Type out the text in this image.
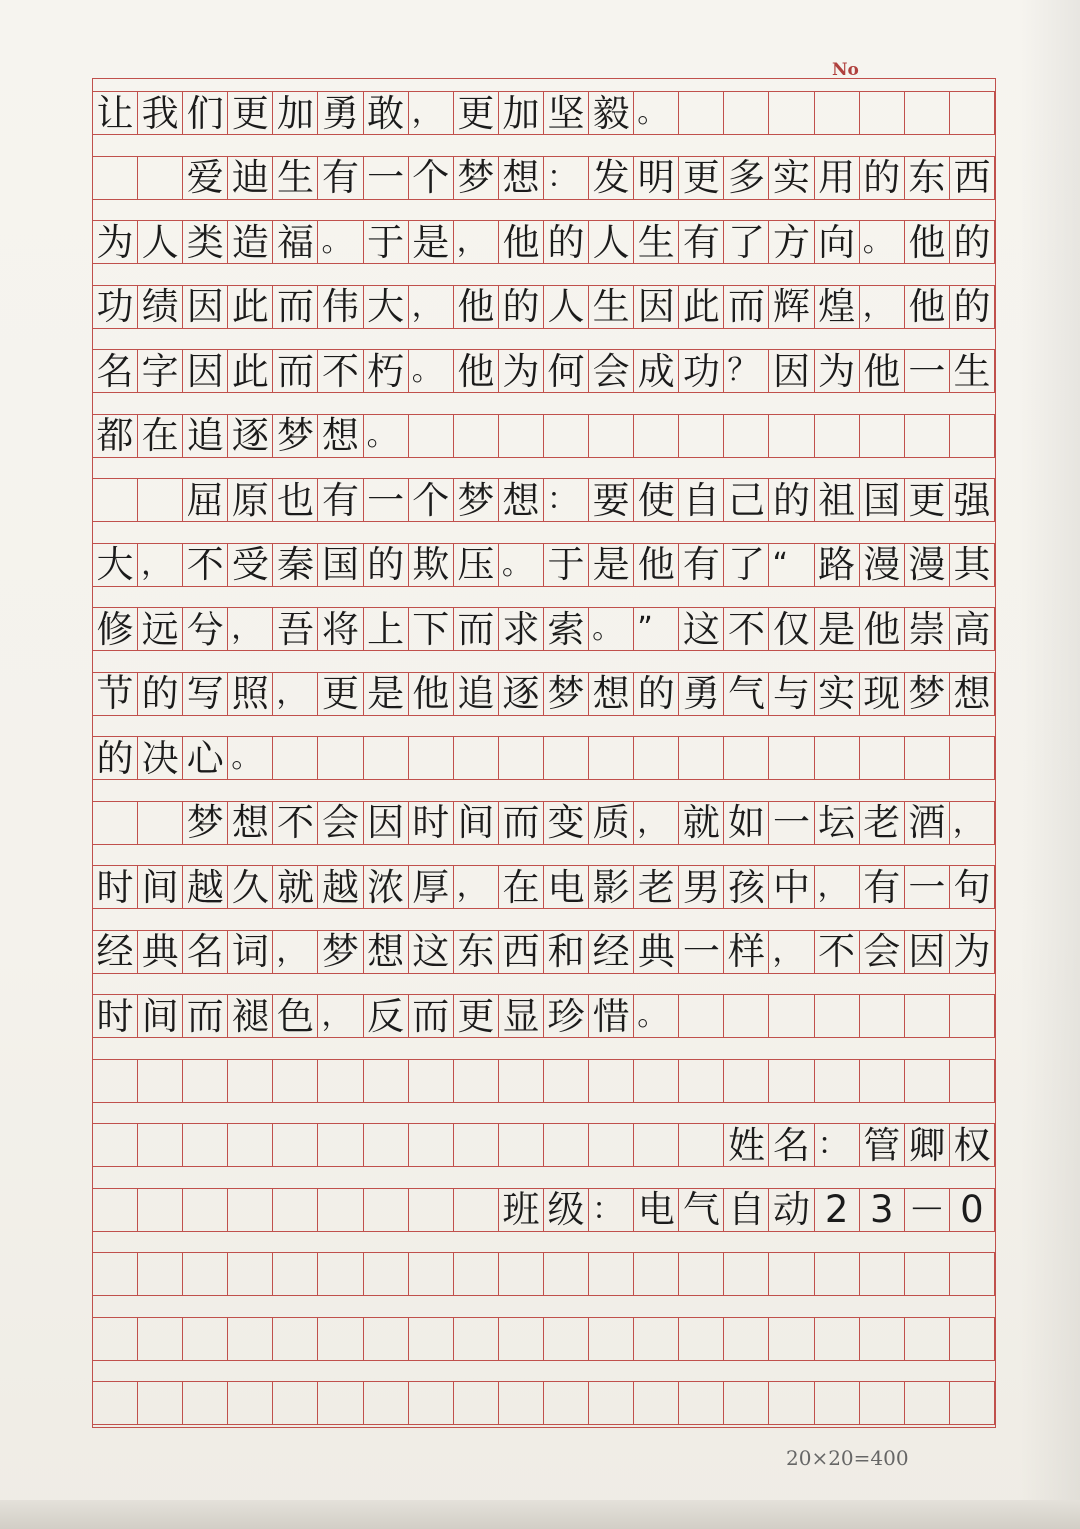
No
让 我 们 更 加 勇 敢 ， 更 加 坚 毅 。
爱 迪 生 有 一 个 梦 想 ： 发 明 更 多 实 用 的 东 西
为 人 类 造 福 。 于 是 ， 他 的 人 生 有 了 方 向 。 他 的
功 绩 因 此 而 伟 大 ， 他 的 人 生 因 此 而 辉 煌 ， 他 的
名 字 因 此 而 不 朽 。 他 为 何 会 成 功 ？ 因 为 他 一 生
都 在 追 逐 梦 想 。
屈 原 也 有 一 个 梦 想 ： 要 使 自 己 的 祖 国 更 强
大 ， 不 受 秦 国 的 欺 压 。 于 是 他 有 了 “ 路 漫 漫 其
修 远 兮 ， 吾 将 上 下 而 求 索 。 ” 这 不 仅 是 他 崇 高
节 的 写 照 ， 更 是 他 追 逐 梦 想 的 勇 气 与 实 现 梦 想
的 决 心 。
梦 想 不 会 因 时 间 而 变 质 ， 就 如 一 坛 老 酒 ，
时 间 越 久 就 越 浓 厚 ， 在 电 影 老 男 孩 中 ， 有 一 句
经 典 名 词 ， 梦 想 这 东 西 和 经 典 一 样 ， 不 会 因 为
时 间 而 褪 色 ， 反 而 更 显 珍 惜 。
姓 名 ： 管 卿 权
班 级 ： 电 气 自 动 2 3 － 0
20×20=400
